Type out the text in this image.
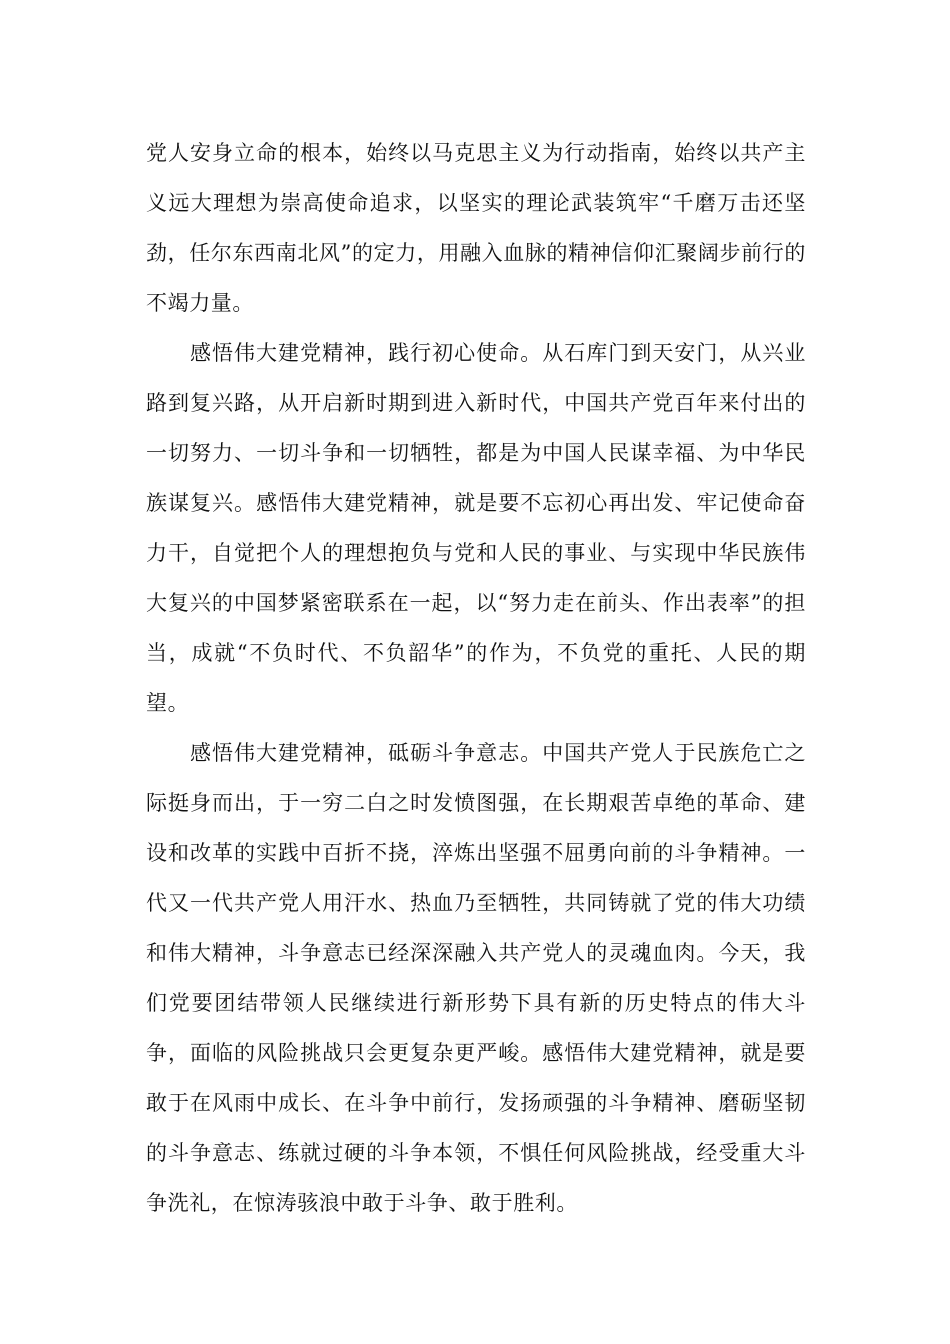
党人安身立命的根本，始终以马克思主义为行动指南，始终以共产主义远大理想为崇高使命追求，以坚实的理论武装筑牢“千磨万击还坚劲，任尔东西南北风”的定力，用融入血脉的精神信仰汇聚阔步前行的不竭力量。

感悟伟大建党精神，践行初心使命。从石库门到天安门，从兴业路到复兴路，从开启新时期到进入新时代，中国共产党百年来付出的一切努力、一切斗争和一切牺牲，都是为中国人民谋幸福、为中华民族谋复兴。感悟伟大建党精神，就是要不忘初心再出发、牢记使命奋力干，自觉把个人的理想抱负与党和人民的事业、与实现中华民族伟大复兴的中国梦紧密联系在一起，以“努力走在前头、作出表率”的担当，成就“不负时代、不负韶华”的作为，不负党的重托、人民的期望。

感悟伟大建党精神，砥砺斗争意志。中国共产党人于民族危亡之际挺身而出，于一穷二白之时发愤图强，在长期艰苦卓绝的革命、建设和改革的实践中百折不挠，淬炼出坚强不屈勇向前的斗争精神。一代又一代共产党人用汗水、热血乃至牺牲，共同铸就了党的伟大功绩和伟大精神，斗争意志已经深深融入共产党人的灵魂血肉。今天，我们党要团结带领人民继续进行新形势下具有新的历史特点的伟大斗争，面临的风险挑战只会更复杂更严峻。感悟伟大建党精神，就是要敢于在风雨中成长、在斗争中前行，发扬顽强的斗争精神、磨砺坚韧的斗争意志、练就过硬的斗争本领，不惧任何风险挑战，经受重大斗争洗礼，在惊涛骇浪中敢于斗争、敢于胜利。
